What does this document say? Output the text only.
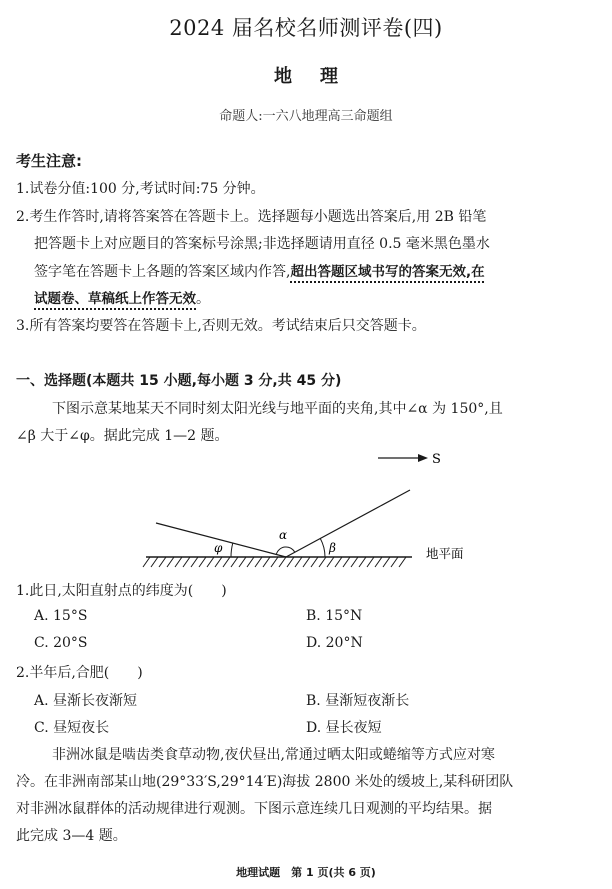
2024 届名校名师测评卷(四)
地理
命题人:一六八地理高三命题组
考生注意:
1.试卷分值:100 分,考试时间:75 分钟。
2.考生作答时,请将答案答在答题卡上。选择题每小题选出答案后,用 2B 铅笔
把答题卡上对应题目的答案标号涂黑;非选择题请用直径 0.5 毫米黑色墨水
签字笔在答题卡上各题的答案区域内作答,超出答题区域书写的答案无效,在
试题卷、草稿纸上作答无效。
3.所有答案均要答在答题卡上,否则无效。考试结束后只交答题卡。
一、选择题(本题共 15 小题,每小题 3 分,共 45 分)
下图示意某地某天不同时刻太阳光线与地平面的夹角,其中∠α 为 150°,且
∠β 大于∠φ。据此完成 1—2 题。
S
地平面
φ
α
β
1.此日,太阳直射点的纬度为(　　)
A. 15°S	B. 15°N
C. 20°S	D. 20°N
2.半年后,合肥(　　)
A. 昼渐长夜渐短	B. 昼渐短夜渐长
C. 昼短夜长	D. 昼长夜短
非洲冰鼠是啮齿类食草动物,夜伏昼出,常通过晒太阳或蜷缩等方式应对寒
冷。在非洲南部某山地(29°33′S,29°14′E)海拔 2800 米处的缓坡上,某科研团队
对非洲冰鼠群体的活动规律进行观测。下图示意连续几日观测的平均结果。据
此完成 3—4 题。
地理试题　第 1 页(共 6 页)
